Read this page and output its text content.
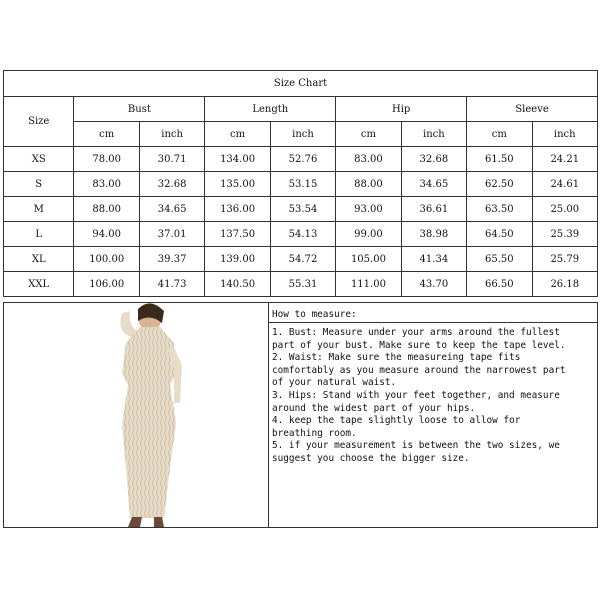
Size Chart								
Size	Bust		Length		Hip		Sleeve	
	cm	inch	cm	inch	cm	inch	cm	inch
XS	78.00	30.71	134.00	52.76	83.00	32.68	61.50	24.21
S	83.00	32.68	135.00	53.15	88.00	34.65	62.50	24.61
M	88.00	34.65	136.00	53.54	93.00	36.61	63.50	25.00
L	94.00	37.01	137.50	54.13	99.00	38.98	64.50	25.39
XL	100.00	39.37	139.00	54.72	105.00	41.34	65.50	25.79
XXL	106.00	41.73	140.50	55.31	111.00	43.70	66.50	26.18
How to measure:

1. Bust: Measure under your arms around the fullest

part of your bust. Make sure to keep the tape level.

2. Waist: Make sure the measureing tape fits

comfortably as you measure around the narrowest part

of your natural waist.

3. Hips: Stand with your feet together, and measure

around the widest part of your hips.

4. keep the tape slightly loose to allow for

breathing room.

5. if your measurement is between the two sizes, we

suggest you choose the bigger size.
